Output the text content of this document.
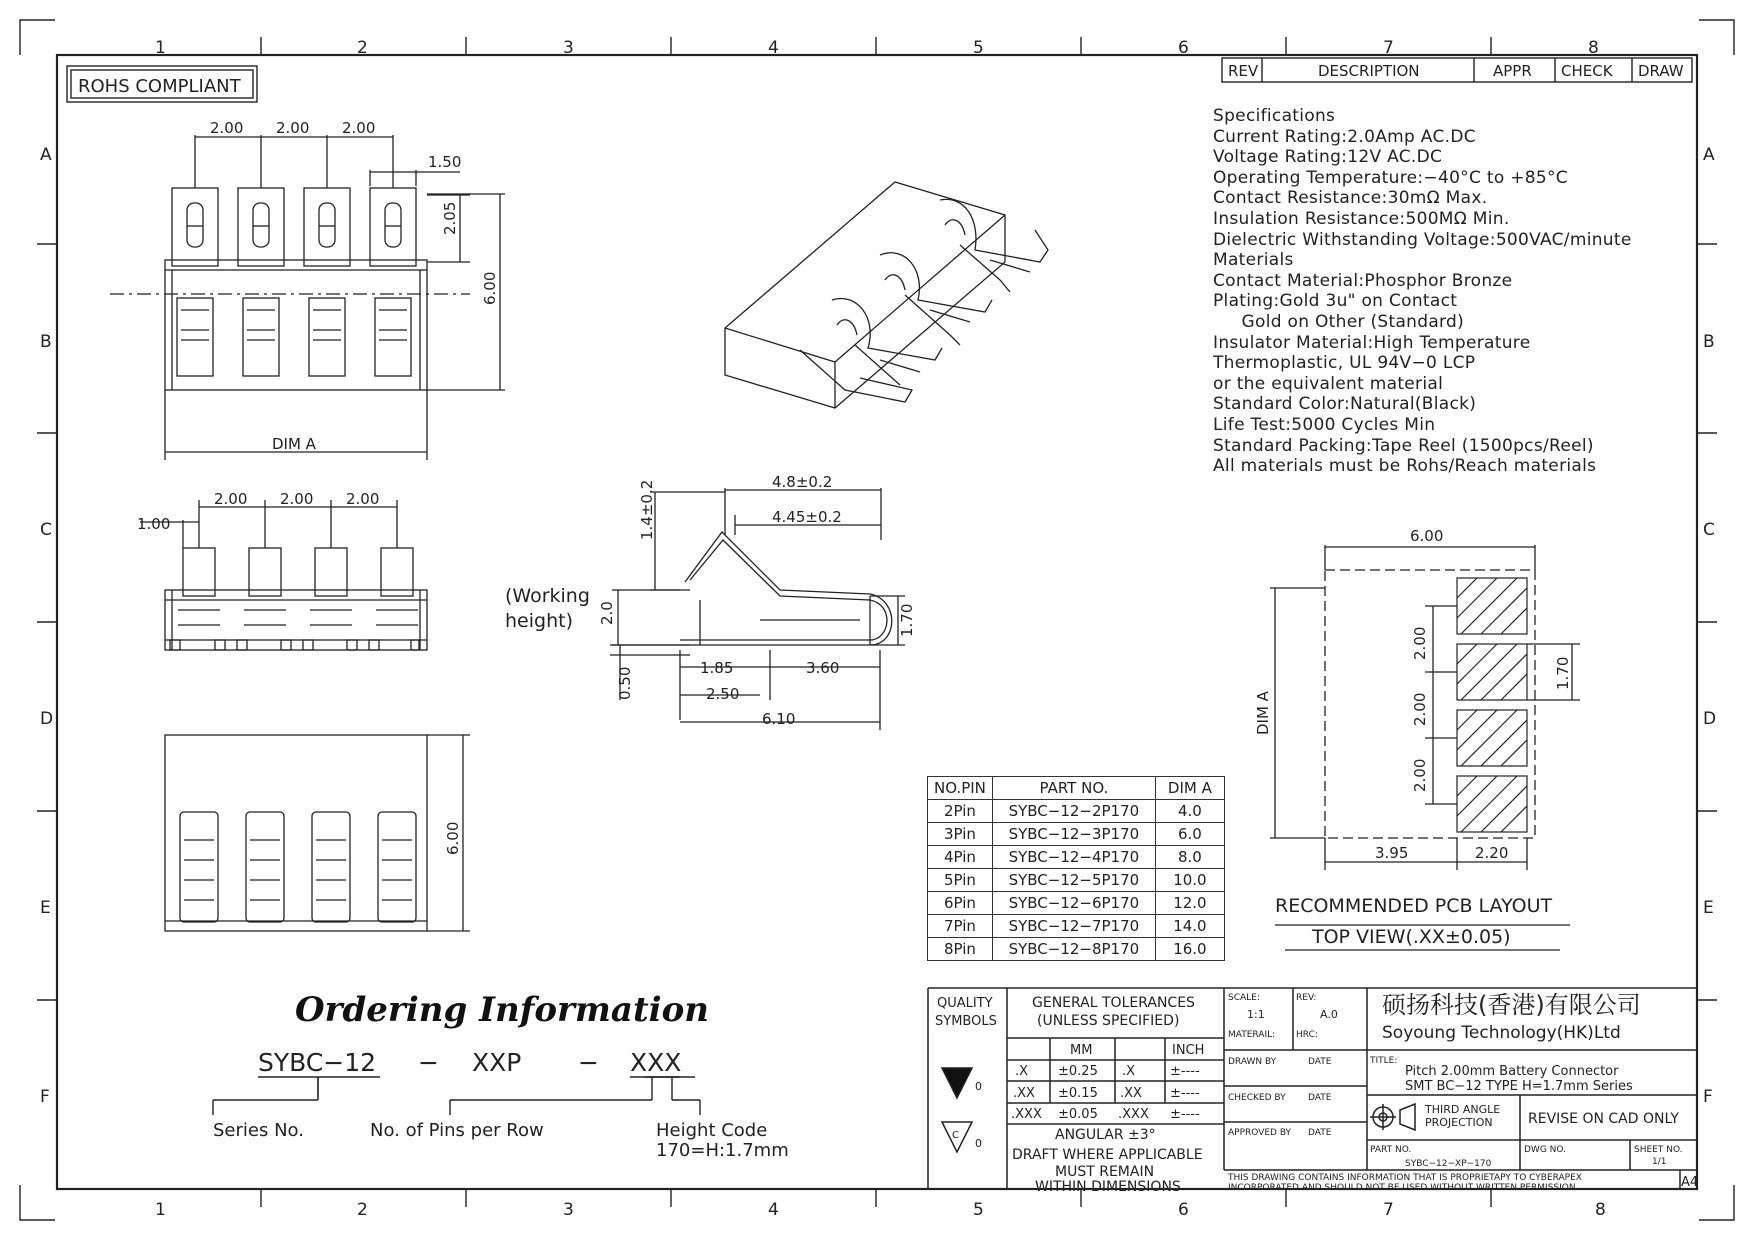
1	2	3	4	5	6	7	8
1	2	3	4	5	6	7	8
A
B
C
D
E
F
A
B
C
D
E
F
ROHS COMPLIANT
REV	DESCRIPTION	APPR CHECK DRAW
2.00 2.00 2.00
1.50
2.05
6.00
DIM A
1.00
2.00 2.00 2.00
6.00
1.4±0.2	4.8±0.2
4.45±0.2
(Working
height) 2.0	1.70
0.50	1.85
2.50
3.60
6.10
6.00
2.00
2.00
2.00
1.70
DIM A
3.95	2.20
RECOMMENDED PCB LAYOUT
TOP VIEW(.XX±0.05)
SYBC−12 − XXP − XXX
Series No.	No. of Pins per Row	Height Code
170=H:1.7mm
QUALITY
SYMBOLS
GENERAL TOLERANCES
(UNLESS SPECIFIED)
MM	INCH
.X ±0.25 .X	±----
.XX ±0.15 .XX ±----
.XXX ±0.05 .XXX ±----
ANGULAR ±3°
DRAFT WHERE APPLICABLE
MUST REMAIN
WITHIN DIMENSIONS
0
C
0
SCALE:
1:1
REV:
A.0
MATERAIL: HRC:
DRAWN BY	DATE
CHECKED BY DATE
APPROVED BY DATE
TITLE:
PART NO.
SYBC−12−XP−170
DWG NO.	SHEET NO.
1/1
THIS DRAWING CONTAINS INFORMATION THAT IS PROPRIETAPY TO CYBERAPEX
INCORPORATED AND SHOULD NOT BE USED WITHOUT WRITTEN PERMISSION
硕扬科技(香港)有限公司
Soyoung Technology(HK)Ltd
Pitch 2.00mm Battery Connector
SMT BC−12 TYPE H=1.7mm Series
THIRD ANGLE
PROJECTION	REVISE ON CAD ONLY
A4
Specifications
Current Rating:2.0Amp AC.DC
Voltage Rating:12V AC.DC
Operating Temperature:−40°C to +85°C
Contact Resistance:30mΩ Max.
Insulation Resistance:500MΩ Min.
Dielectric Withstanding Voltage:500VAC/minute
Materials
Contact Material:Phosphor Bronze
Plating:Gold 3u" on Contact
Gold on Other (Standard)
Insulator Material:High Temperature
Thermoplastic, UL 94V−0 LCP
or the equivalent material
Standard Color:Natural(Black)
Life Test:5000 Cycles Min
Standard Packing:Tape Reel (1500pcs/Reel)
All materials must be Rohs/Reach materials
NO.PIN	PART NO.	DIM A
2Pin	SYBC−12−2P170	4.0
3Pin	SYBC−12−3P170	6.0
4Pin	SYBC−12−4P170	8.0
5Pin	SYBC−12−5P170	10.0
6Pin	SYBC−12−6P170	12.0
7Pin	SYBC−12−7P170	14.0
8Pin	SYBC−12−8P170	16.0
Ordering Information
